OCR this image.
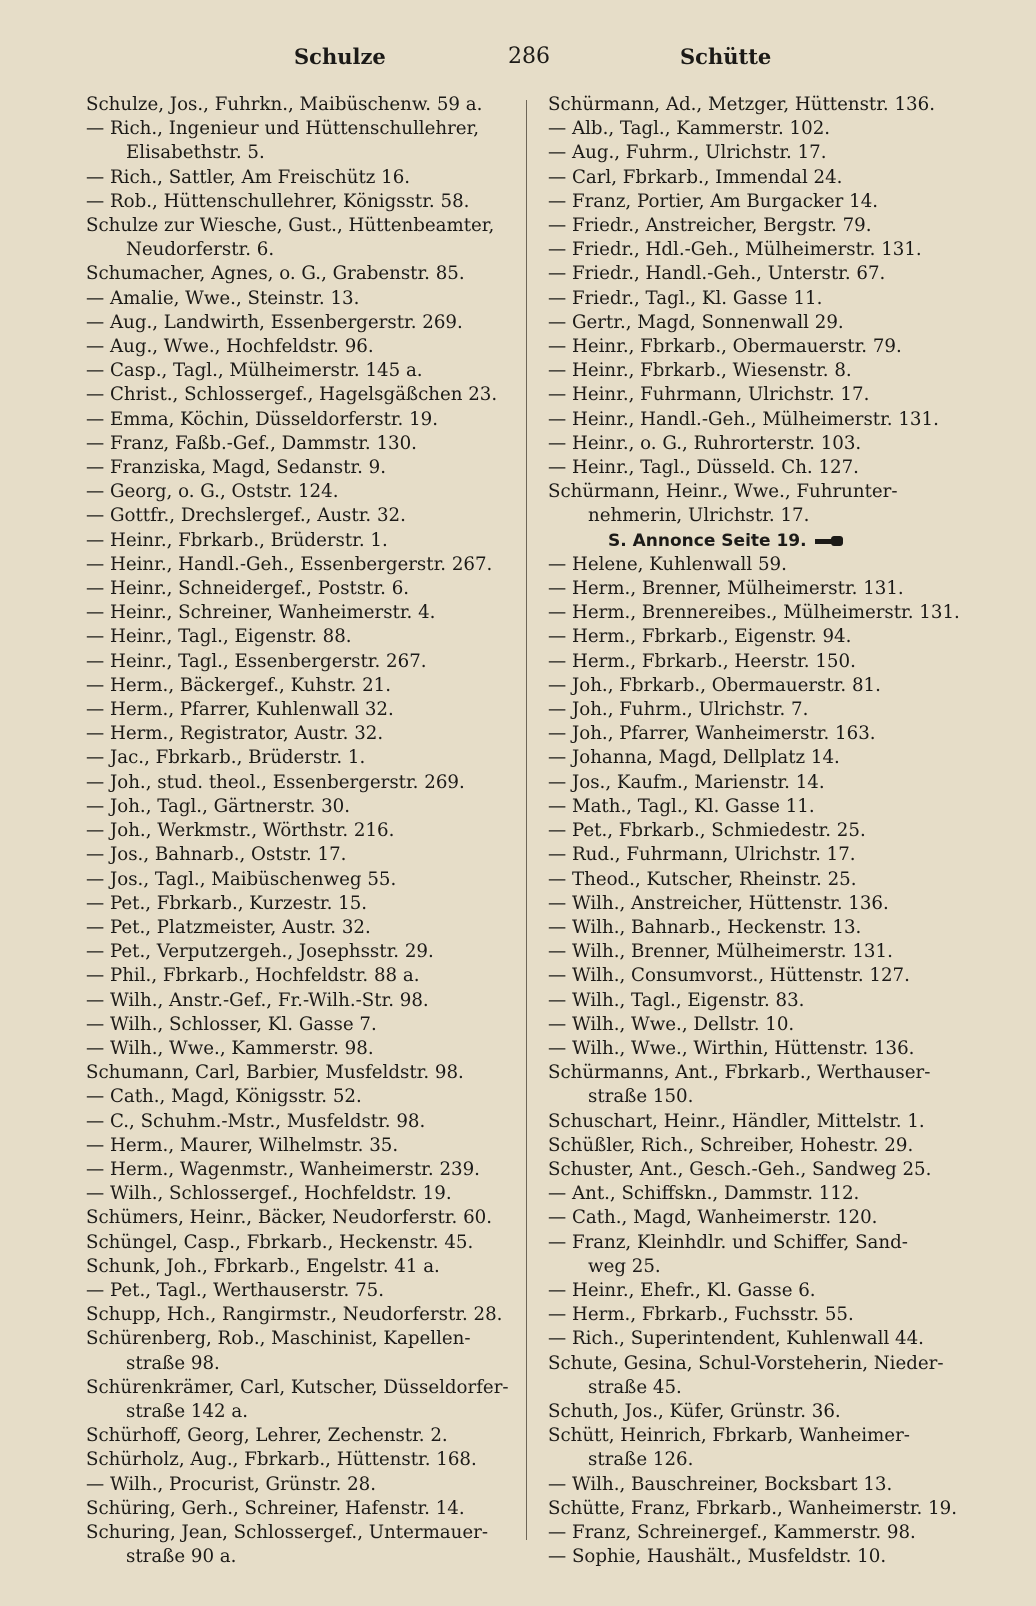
Schulze	286	Schütte

Schulze, Jos., Fuhrkn., Maibüschenw. 59 a.

— Rich., Ingenieur und Hüttenschullehrer,

Elisabethstr. 5.

— Rich., Sattler, Am Freischütz 16.

— Rob., Hüttenschullehrer, Königsstr. 58.

Schulze zur Wiesche, Gust., Hüttenbeamter,

Neudorferstr. 6.

Schumacher, Agnes, o. G., Grabenstr. 85.

— Amalie, Wwe., Steinstr. 13.

— Aug., Landwirth, Essenbergerstr. 269.

— Aug., Wwe., Hochfeldstr. 96.

— Casp., Tagl., Mülheimerstr. 145 a.

— Christ., Schlossergef., Hagelsgäßchen 23.

— Emma, Köchin, Düsseldorferstr. 19.

— Franz, Faßb.-Gef., Dammstr. 130.

— Franziska, Magd, Sedanstr. 9.

— Georg, o. G., Oststr. 124.

— Gottfr., Drechslergef., Austr. 32.

— Heinr., Fbrkarb., Brüderstr. 1.

— Heinr., Handl.-Geh., Essenbergerstr. 267.

— Heinr., Schneidergef., Poststr. 6.

— Heinr., Schreiner, Wanheimerstr. 4.

— Heinr., Tagl., Eigenstr. 88.

— Heinr., Tagl., Essenbergerstr. 267.

— Herm., Bäckergef., Kuhstr. 21.

— Herm., Pfarrer, Kuhlenwall 32.

— Herm., Registrator, Austr. 32.

— Jac., Fbrkarb., Brüderstr. 1.

— Joh., stud. theol., Essenbergerstr. 269.

— Joh., Tagl., Gärtnerstr. 30.

— Joh., Werkmstr., Wörthstr. 216.

— Jos., Bahnarb., Oststr. 17.

— Jos., Tagl., Maibüschenweg 55.

— Pet., Fbrkarb., Kurzestr. 15.

— Pet., Platzmeister, Austr. 32.

— Pet., Verputzergeh., Josephsstr. 29.

— Phil., Fbrkarb., Hochfeldstr. 88 a.

— Wilh., Anstr.-Gef., Fr.-Wilh.-Str. 98.

— Wilh., Schlosser, Kl. Gasse 7.

— Wilh., Wwe., Kammerstr. 98.

Schumann, Carl, Barbier, Musfeldstr. 98.

— Cath., Magd, Königsstr. 52.

— C., Schuhm.-Mstr., Musfeldstr. 98.

— Herm., Maurer, Wilhelmstr. 35.

— Herm., Wagenmstr., Wanheimerstr. 239.

— Wilh., Schlossergef., Hochfeldstr. 19.

Schümers, Heinr., Bäcker, Neudorferstr. 60.

Schüngel, Casp., Fbrkarb., Heckenstr. 45.

Schunk, Joh., Fbrkarb., Engelstr. 41 a.

— Pet., Tagl., Werthauserstr. 75.

Schupp, Hch., Rangirmstr., Neudorferstr. 28.

Schürenberg, Rob., Maschinist, Kapellen-

straße 98.

Schürenkrämer, Carl, Kutscher, Düsseldorfer-

straße 142 a.

Schürhoff, Georg, Lehrer, Zechenstr. 2.

Schürholz, Aug., Fbrkarb., Hüttenstr. 168.

— Wilh., Procurist, Grünstr. 28.

Schüring, Gerh., Schreiner, Hafenstr. 14.

Schuring, Jean, Schlossergef., Untermauer-

straße 90 a.

Schürmann, Ad., Metzger, Hüttenstr. 136.

— Alb., Tagl., Kammerstr. 102.

— Aug., Fuhrm., Ulrichstr. 17.

— Carl, Fbrkarb., Immendal 24.

— Franz, Portier, Am Burgacker 14.

— Friedr., Anstreicher, Bergstr. 79.

— Friedr., Hdl.-Geh., Mülheimerstr. 131.

— Friedr., Handl.-Geh., Unterstr. 67.

— Friedr., Tagl., Kl. Gasse 11.

— Gertr., Magd, Sonnenwall 29.

— Heinr., Fbrkarb., Obermauerstr. 79.

— Heinr., Fbrkarb., Wiesenstr. 8.

— Heinr., Fuhrmann, Ulrichstr. 17.

— Heinr., Handl.-Geh., Mülheimerstr. 131.

— Heinr., o. G., Ruhrorterstr. 103.

— Heinr., Tagl., Düsseld. Ch. 127.

Schürmann, Heinr., Wwe., Fuhrunter-

nehmerin, Ulrichstr. 17.

S. Annonce Seite 19.

— Helene, Kuhlenwall 59.

— Herm., Brenner, Mülheimerstr. 131.

— Herm., Brennereibes., Mülheimerstr. 131.

— Herm., Fbrkarb., Eigenstr. 94.

— Herm., Fbrkarb., Heerstr. 150.

— Joh., Fbrkarb., Obermauerstr. 81.

— Joh., Fuhrm., Ulrichstr. 7.

— Joh., Pfarrer, Wanheimerstr. 163.

— Johanna, Magd, Dellplatz 14.

— Jos., Kaufm., Marienstr. 14.

— Math., Tagl., Kl. Gasse 11.

— Pet., Fbrkarb., Schmiedestr. 25.

— Rud., Fuhrmann, Ulrichstr. 17.

— Theod., Kutscher, Rheinstr. 25.

— Wilh., Anstreicher, Hüttenstr. 136.

— Wilh., Bahnarb., Heckenstr. 13.

— Wilh., Brenner, Mülheimerstr. 131.

— Wilh., Consumvorst., Hüttenstr. 127.

— Wilh., Tagl., Eigenstr. 83.

— Wilh., Wwe., Dellstr. 10.

— Wilh., Wwe., Wirthin, Hüttenstr. 136.

Schürmanns, Ant., Fbrkarb., Werthauser-

straße 150.

Schuschart, Heinr., Händler, Mittelstr. 1.

Schüßler, Rich., Schreiber, Hohestr. 29.

Schuster, Ant., Gesch.-Geh., Sandweg 25.

— Ant., Schiffskn., Dammstr. 112.

— Cath., Magd, Wanheimerstr. 120.

— Franz, Kleinhdlr. und Schiffer, Sand-

weg 25.

— Heinr., Ehefr., Kl. Gasse 6.

— Herm., Fbrkarb., Fuchsstr. 55.

— Rich., Superintendent, Kuhlenwall 44.

Schute, Gesina, Schul-Vorsteherin, Nieder-

straße 45.

Schuth, Jos., Küfer, Grünstr. 36.

Schütt, Heinrich, Fbrkarb, Wanheimer-

straße 126.

— Wilh., Bauschreiner, Bocksbart 13.

Schütte, Franz, Fbrkarb., Wanheimerstr. 19.

— Franz, Schreinergef., Kammerstr. 98.

— Sophie, Haushält., Musfeldstr. 10.
